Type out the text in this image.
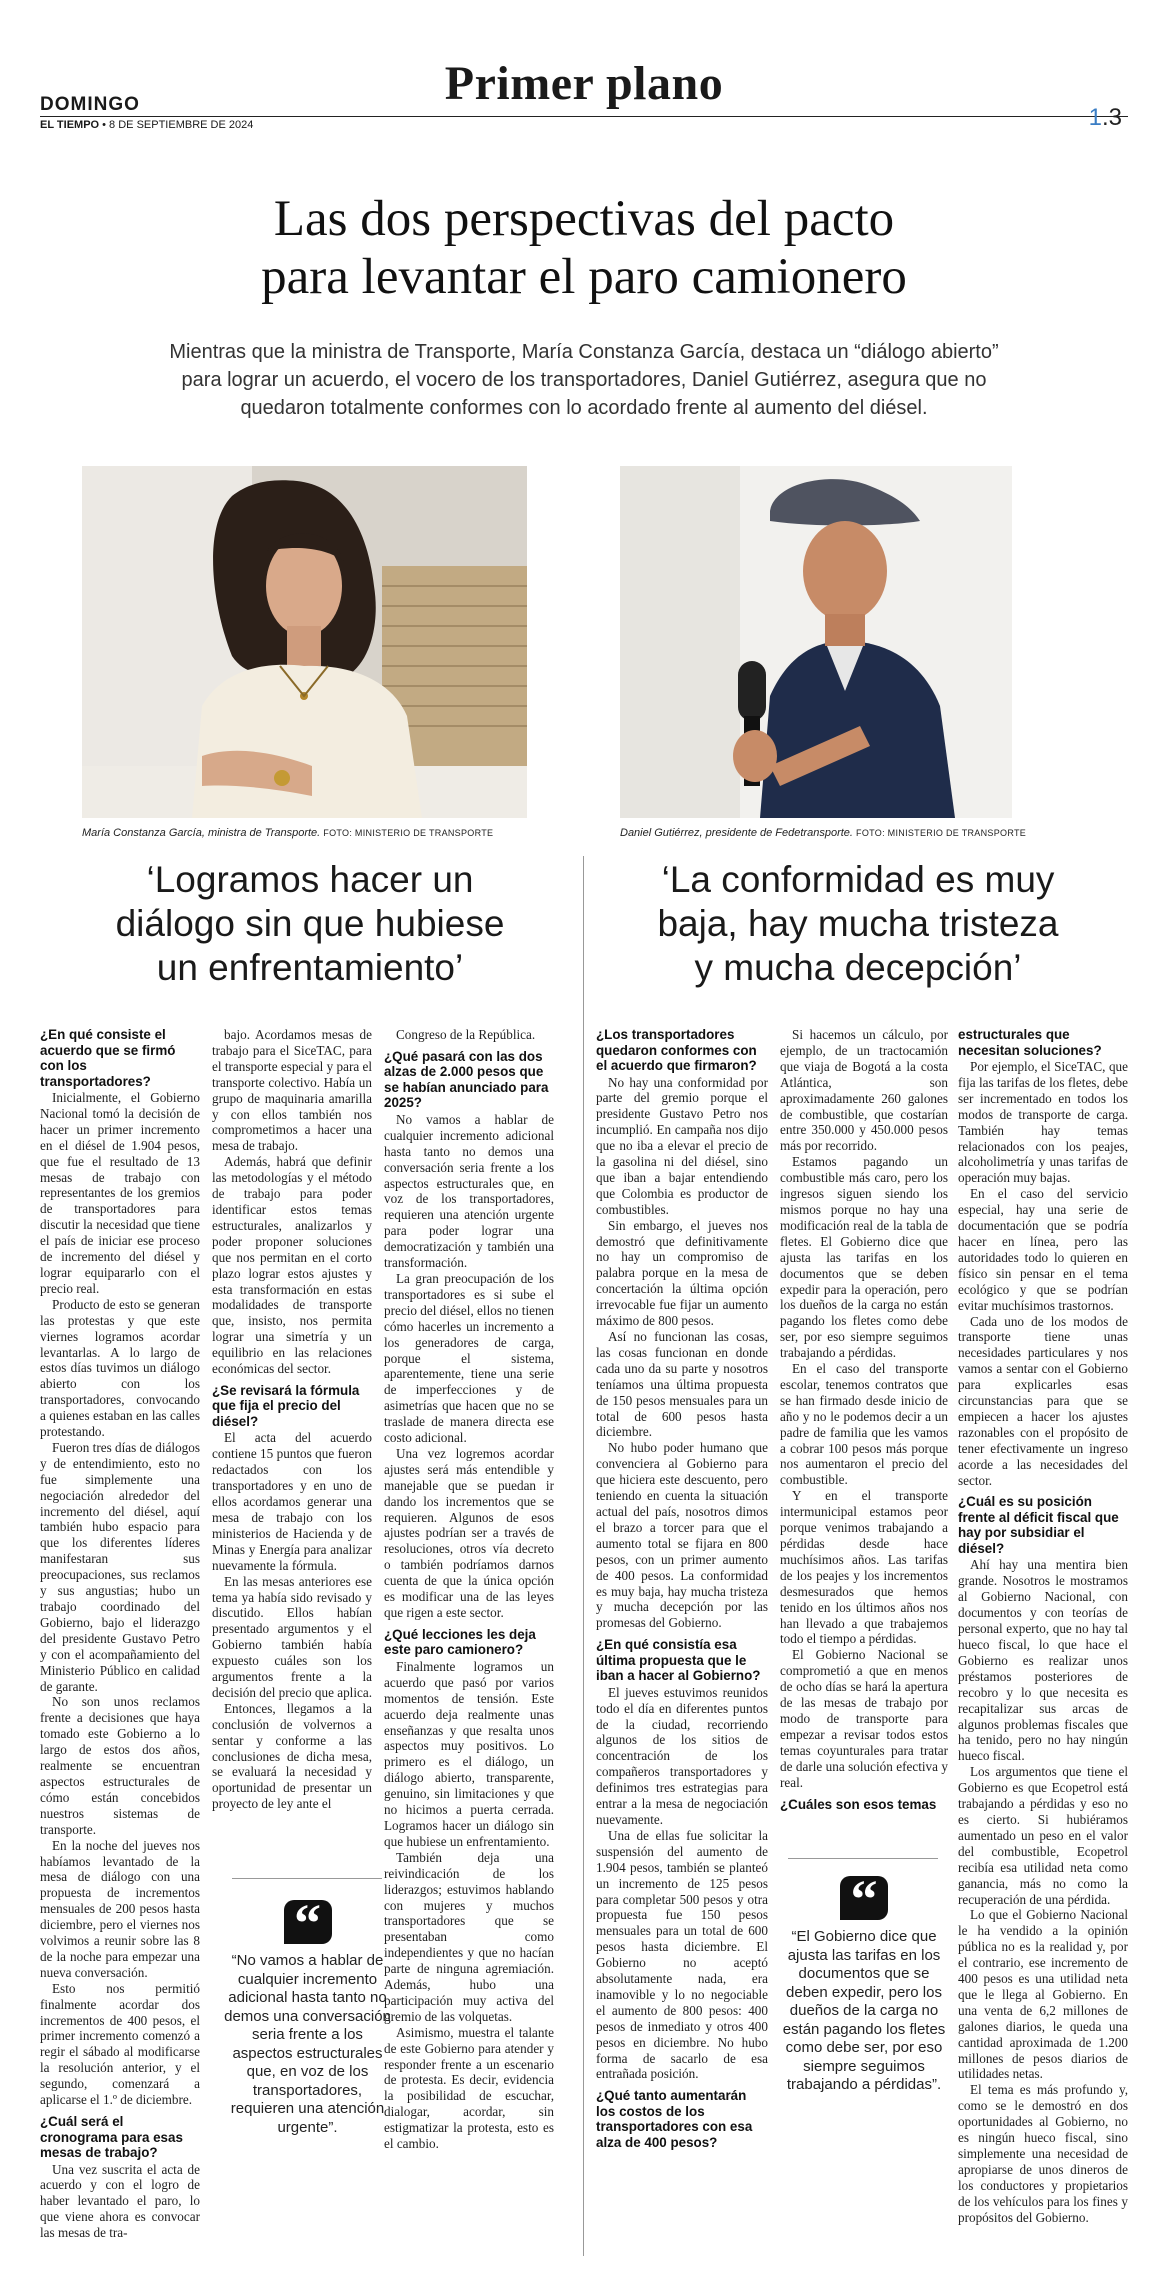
DOMINGO	Primer plano
EL TIEMPO • 8 DE SEPTIEMBRE DE 2024	1.3
Las dos perspectivas del pacto
para levantar el paro camionero
Mientras que la ministra de Transporte, María Constanza García, destaca un “diálogo abierto” para lograr un acuerdo, el vocero de los transportadores, Daniel Gutiérrez, asegura que no quedaron totalmente conformes con lo acordado frente al aumento del diésel.
María Constanza García, ministra de Transporte. FOTO: MINISTERIO DE TRANSPORTE	Daniel Gutiérrez, presidente de Fedetransporte. FOTO: MINISTERIO DE TRANSPORTE
‘Logramos hacer un
diálogo sin que hubiese
un enfrentamiento’
‘La conformidad es muy
baja, hay mucha tristeza
y mucha decepción’
¿En qué consiste el acuerdo que se firmó con los transportadores?

Inicialmente, el Gobierno Nacional tomó la decisión de hacer un primer incremento en el diésel de 1.904 pesos, que fue el resultado de 13 mesas de trabajo con representantes de los gremios de transportadores para discutir la necesidad que tiene el país de iniciar ese proceso de incremento del diésel y lograr equipararlo con el precio real.

Producto de esto se generan las protestas y que este viernes logramos acordar levantarlas. A lo largo de estos días tuvimos un diálogo abierto con los transportadores, convocando a quienes estaban en las calles protestando.

Fueron tres días de diálogos y de entendimiento, esto no fue simplemente una negociación alrededor del incremento del diésel, aquí también hubo espacio para que los diferentes líderes manifestaran sus preocupaciones, sus reclamos y sus angustias; hubo un trabajo coordinado del Gobierno, bajo el liderazgo del presidente Gustavo Petro y con el acompañamiento del Ministerio Público en calidad de garante.

No son unos reclamos frente a decisiones que haya tomado este Gobierno a lo largo de estos dos años, realmente se encuentran aspectos estructurales de cómo están concebidos nuestros sistemas de transporte.

En la noche del jueves nos habíamos levantado de la mesa de diálogo con una propuesta de incrementos mensuales de 200 pesos hasta diciembre, pero el viernes nos volvimos a reunir sobre las 8 de la noche para empezar una nueva conversación.

Esto nos permitió finalmente acordar dos incrementos de 400 pesos, el primer incremento comenzó a regir el sábado al modificarse la resolución anterior, y el segundo, comenzará a aplicarse el 1.º de diciembre.

¿Cuál será el cronograma para esas mesas de trabajo?

Una vez suscrita el acta de acuerdo y con el logro de haber levantado el paro, lo que viene ahora es convocar las mesas de tra-

bajo. Acordamos mesas de trabajo para el SiceTAC, para el transporte especial y para el transporte colectivo. Había un grupo de maquinaria amarilla y con ellos también nos comprometimos a hacer una mesa de trabajo.

Además, habrá que definir las metodologías y el método de trabajo para poder identificar estos temas estructurales, analizarlos y poder proponer soluciones que nos permitan en el corto plazo lograr estos ajustes y esta transformación en estas modalidades de transporte que, insisto, nos permita lograr una simetría y un equilibrio en las relaciones económicas del sector.

¿Se revisará la fórmula que fija el precio del diésel?

El acta del acuerdo contiene 15 puntos que fueron redactados con los transportadores y en uno de ellos acordamos generar una mesa de trabajo con los ministerios de Hacienda y de Minas y Energía para analizar nuevamente la fórmula.

En las mesas anteriores ese tema ya había sido revisado y discutido. Ellos habían presentado argumentos y el Gobierno también había expuesto cuáles son los argumentos frente a la decisión del precio que aplica.

Entonces, llegamos a la conclusión de volvernos a sentar y conforme a las conclusiones de dicha mesa, se evaluará la necesidad y oportunidad de presentar un proyecto de ley ante el

Congreso de la República.

¿Qué pasará con las dos alzas de 2.000 pesos que se habían anunciado para 2025?

No vamos a hablar de cualquier incremento adicional hasta tanto no demos una conversación seria frente a los aspectos estructurales que, en voz de los transportadores, requieren una atención urgente para poder lograr una democratización y también una transformación.

La gran preocupación de los transportadores es si sube el precio del diésel, ellos no tienen cómo hacerles un incremento a los generadores de carga, porque el sistema, aparentemente, tiene una serie de imperfecciones y de asimetrías que hacen que no se traslade de manera directa ese costo adicional.

Una vez logremos acordar ajustes será más entendible y manejable que se puedan ir dando los incrementos que se requieren. Algunos de esos ajustes podrían ser a través de resoluciones, otros vía decreto o también podríamos darnos cuenta de que la única opción es modificar una de las leyes que rigen a este sector.

¿Qué lecciones les deja este paro camionero?

Finalmente logramos un acuerdo que pasó por varios momentos de tensión. Este acuerdo deja realmente unas enseñanzas y que resalta unos aspectos muy positivos. Lo primero es el diálogo, un diálogo abierto, transparente, genuino, sin limitaciones y que no hicimos a puerta cerrada. Logramos hacer un diálogo sin que hubiese un enfrentamiento.

También deja una reivindicación de los liderazgos; estuvimos hablando con mujeres y muchos transportadores que se presentaban como independientes y que no hacían parte de ninguna agremiación. Además, hubo una participación muy activa del gremio de las volquetas.

Asimismo, muestra el talante de este Gobierno para atender y responder frente a un escenario de protesta. Es decir, evidencia la posibilidad de escuchar, dialogar, acordar, sin estigmatizar la protesta, esto es el cambio.

“
“No vamos a hablar de cualquier incremento adicional hasta tanto no demos una conversación seria frente a los aspectos estructurales que, en voz de los transportadores, requieren una atención urgente”.
¿Los transportadores quedaron conformes con el acuerdo que firmaron?

No hay una conformidad por parte del gremio porque el presidente Gustavo Petro nos incumplió. En campaña nos dijo que no iba a elevar el precio de la gasolina ni del diésel, sino que iban a bajar entendiendo que Colombia es productor de combustibles.

Sin embargo, el jueves nos demostró que definitivamente no hay un compromiso de palabra porque en la mesa de concertación la última opción irrevocable fue fijar un aumento máximo de 800 pesos.

Así no funcionan las cosas, las cosas funcionan en donde cada uno da su parte y nosotros teníamos una última propuesta de 150 pesos mensuales para un total de 600 pesos hasta diciembre.

No hubo poder humano que convenciera al Gobierno para que hiciera este descuento, pero teniendo en cuenta la situación actual del país, nosotros dimos el brazo a torcer para que el aumento total se fijara en 800 pesos, con un primer aumento de 400 pesos. La conformidad es muy baja, hay mucha tristeza y mucha decepción por las promesas del Gobierno.

¿En qué consistía esa última propuesta que le iban a hacer al Gobierno?

El jueves estuvimos reunidos todo el día en diferentes puntos de la ciudad, recorriendo algunos de los sitios de concentración de los compañeros transportadores y definimos tres estrategias para entrar a la mesa de negociación nuevamente.

Una de ellas fue solicitar la suspensión del aumento de 1.904 pesos, también se planteó un incremento de 125 pesos para completar 500 pesos y otra propuesta fue 150 pesos mensuales para un total de 600 pesos hasta diciembre. El Gobierno no aceptó absolutamente nada, era inamovible y lo no negociable el aumento de 800 pesos: 400 pesos de inmediato y otros 400 pesos en diciembre. No hubo forma de sacarlo de esa entrañada posición.

¿Qué tanto aumentarán los costos de los transportadores con esa alza de 400 pesos?

Si hacemos un cálculo, por ejemplo, de un tractocamión que viaja de Bogotá a la costa Atlántica, son aproximadamente 260 galones de combustible, que costarían entre 350.000 y 450.000 pesos más por recorrido.

Estamos pagando un combustible más caro, pero los ingresos siguen siendo los mismos porque no hay una modificación real de la tabla de fletes. El Gobierno dice que ajusta las tarifas en los documentos que se deben expedir para la operación, pero los dueños de la carga no están pagando los fletes como debe ser, por eso siempre seguimos trabajando a pérdidas.

En el caso del transporte escolar, tenemos contratos que se han firmado desde inicio de año y no le podemos decir a un padre de familia que les vamos a cobrar 100 pesos más porque nos aumentaron el precio del combustible.

Y en el transporte intermunicipal estamos peor porque venimos trabajando a pérdidas desde hace muchísimos años. Las tarifas de los peajes y los incrementos desmesurados que hemos tenido en los últimos años nos han llevado a que trabajemos todo el tiempo a pérdidas.

El Gobierno Nacional se comprometió a que en menos de ocho días se hará la apertura de las mesas de trabajo por modo de transporte para empezar a revisar todos estos temas coyunturales para tratar de darle una solución efectiva y real.

¿Cuáles son esos temas
estructurales que necesitan soluciones?

Por ejemplo, el SiceTAC, que fija las tarifas de los fletes, debe ser incrementado en todos los modos de transporte de carga. También hay temas relacionados con los peajes, alcoholimetría y unas tarifas de operación muy bajas.

En el caso del servicio especial, hay una serie de documentación que se podría hacer en línea, pero las autoridades todo lo quieren en físico sin pensar en el tema ecológico y que se podrían evitar muchísimos trastornos.

Cada uno de los modos de transporte tiene unas necesidades particulares y nos vamos a sentar con el Gobierno para explicarles esas circunstancias para que se empiecen a hacer los ajustes razonables con el propósito de tener efectivamente un ingreso acorde a las necesidades del sector.

¿Cuál es su posición frente al déficit fiscal que hay por subsidiar el diésel?

Ahí hay una mentira bien grande. Nosotros le mostramos al Gobierno Nacional, con documentos y con teorías de personal experto, que no hay tal hueco fiscal, lo que hace el Gobierno es realizar unos préstamos posteriores de recobro y lo que necesita es recapitalizar sus arcas de algunos problemas fiscales que ha tenido, pero no hay ningún hueco fiscal.

Los argumentos que tiene el Gobierno es que Ecopetrol está trabajando a pérdidas y eso no es cierto. Si hubiéramos aumentado un peso en el valor del combustible, Ecopetrol recibía esa utilidad neta como ganancia, más no como la recuperación de una pérdida.

Lo que el Gobierno Nacional le ha vendido a la opinión pública no es la realidad y, por el contrario, ese incremento de 400 pesos es una utilidad neta que le llega al Gobierno. En una venta de 6,2 millones de galones diarios, le queda una cantidad aproximada de 1.200 millones de pesos diarios de utilidades netas.

El tema es más profundo y, como se le demostró en dos oportunidades al Gobierno, no es ningún hueco fiscal, sino simplemente una necesidad de apropiarse de unos dineros de los conductores y propietarios de los vehículos para los fines y propósitos del Gobierno.

“
“El Gobierno dice que ajusta las tarifas en los documentos que se deben expedir, pero los dueños de la carga no están pagando los fletes como debe ser, por eso siempre seguimos trabajando a pérdidas”.
